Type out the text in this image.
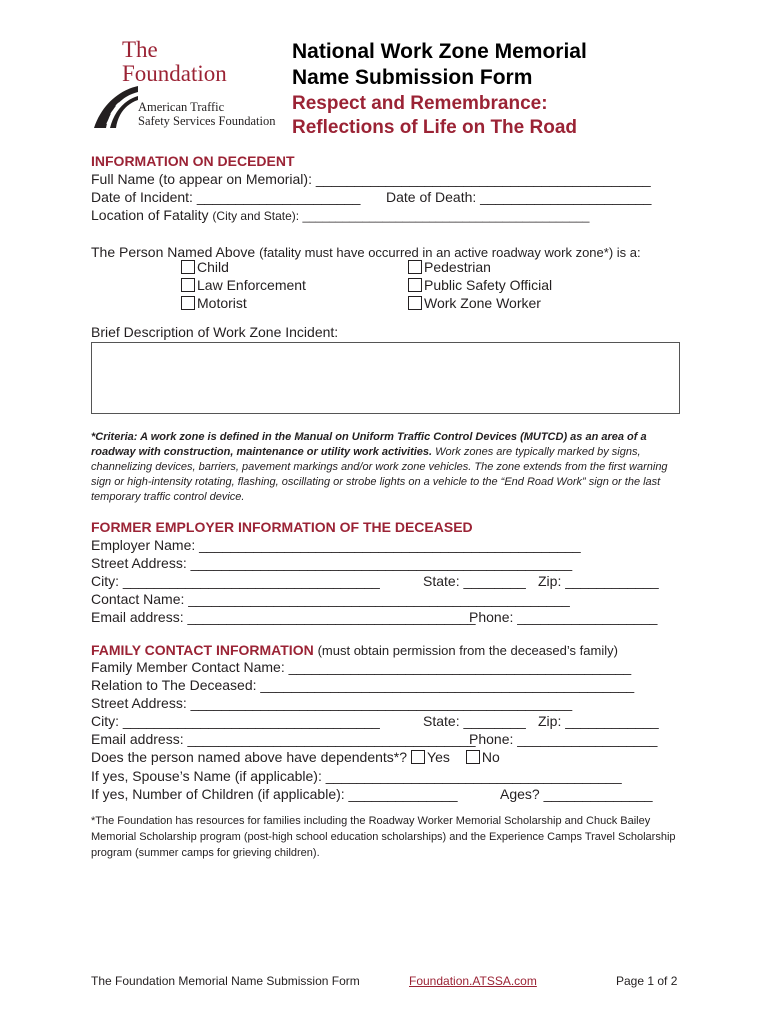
The
Foundation
American Traffic
Safety Services Foundation
National Work Zone Memorial
Name Submission Form
Respect and Remembrance:
Reflections of Life on The Road
INFORMATION ON DECEDENT
Full Name (to appear on Memorial): ___________________________________________
Date of Incident: _____________________ Date of Death: ______________________
Location of Fatality (City and State): ___________________________________________
The Person Named Above (fatality must have occurred in an active roadway work zone*) is a:
Child
Law Enforcement
Motorist
Pedestrian
Public Safety Official
Work Zone Worker
Brief Description of Work Zone Incident:
*Criteria: A work zone is defined in the Manual on Uniform Traffic Control Devices (MUTCD) as an area of a roadway with construction, maintenance or utility work activities. Work zones are typically marked by signs, channelizing devices, barriers, pavement markings and/or work zone vehicles. The zone extends from the first warning sign or high-intensity rotating, flashing, oscillating or strobe lights on a vehicle to the “End Road Work” sign or the last temporary traffic control device.
FORMER EMPLOYER INFORMATION OF THE DECEASED
Employer Name: _________________________________________________
Street Address: _________________________________________________
City: _________________________________	State: ________ Zip: ____________
Contact Name: _________________________________________________
Email address: _____________________________________
Phone: __________________
FAMILY CONTACT INFORMATION (must obtain permission from the deceased’s family)
Family Member Contact Name: ____________________________________________
Relation to The Deceased: ________________________________________________
Street Address: _________________________________________________
City: _________________________________	State: ________ Zip: ____________
Email address: _____________________________________
Phone: __________________
Does the person named above have dependents*? Yes No
If yes, Spouse’s Name (if applicable): ______________________________________
If yes, Number of Children (if applicable): ______________	Ages? ______________
*The Foundation has resources for families including the Roadway Worker Memorial Scholarship and Chuck Bailey Memorial Scholarship program (post-high school education scholarships) and the Experience Camps Travel Scholarship program (summer camps for grieving children).
The Foundation Memorial Name Submission Form	Foundation.ATSSA.com	Page 1 of 2
